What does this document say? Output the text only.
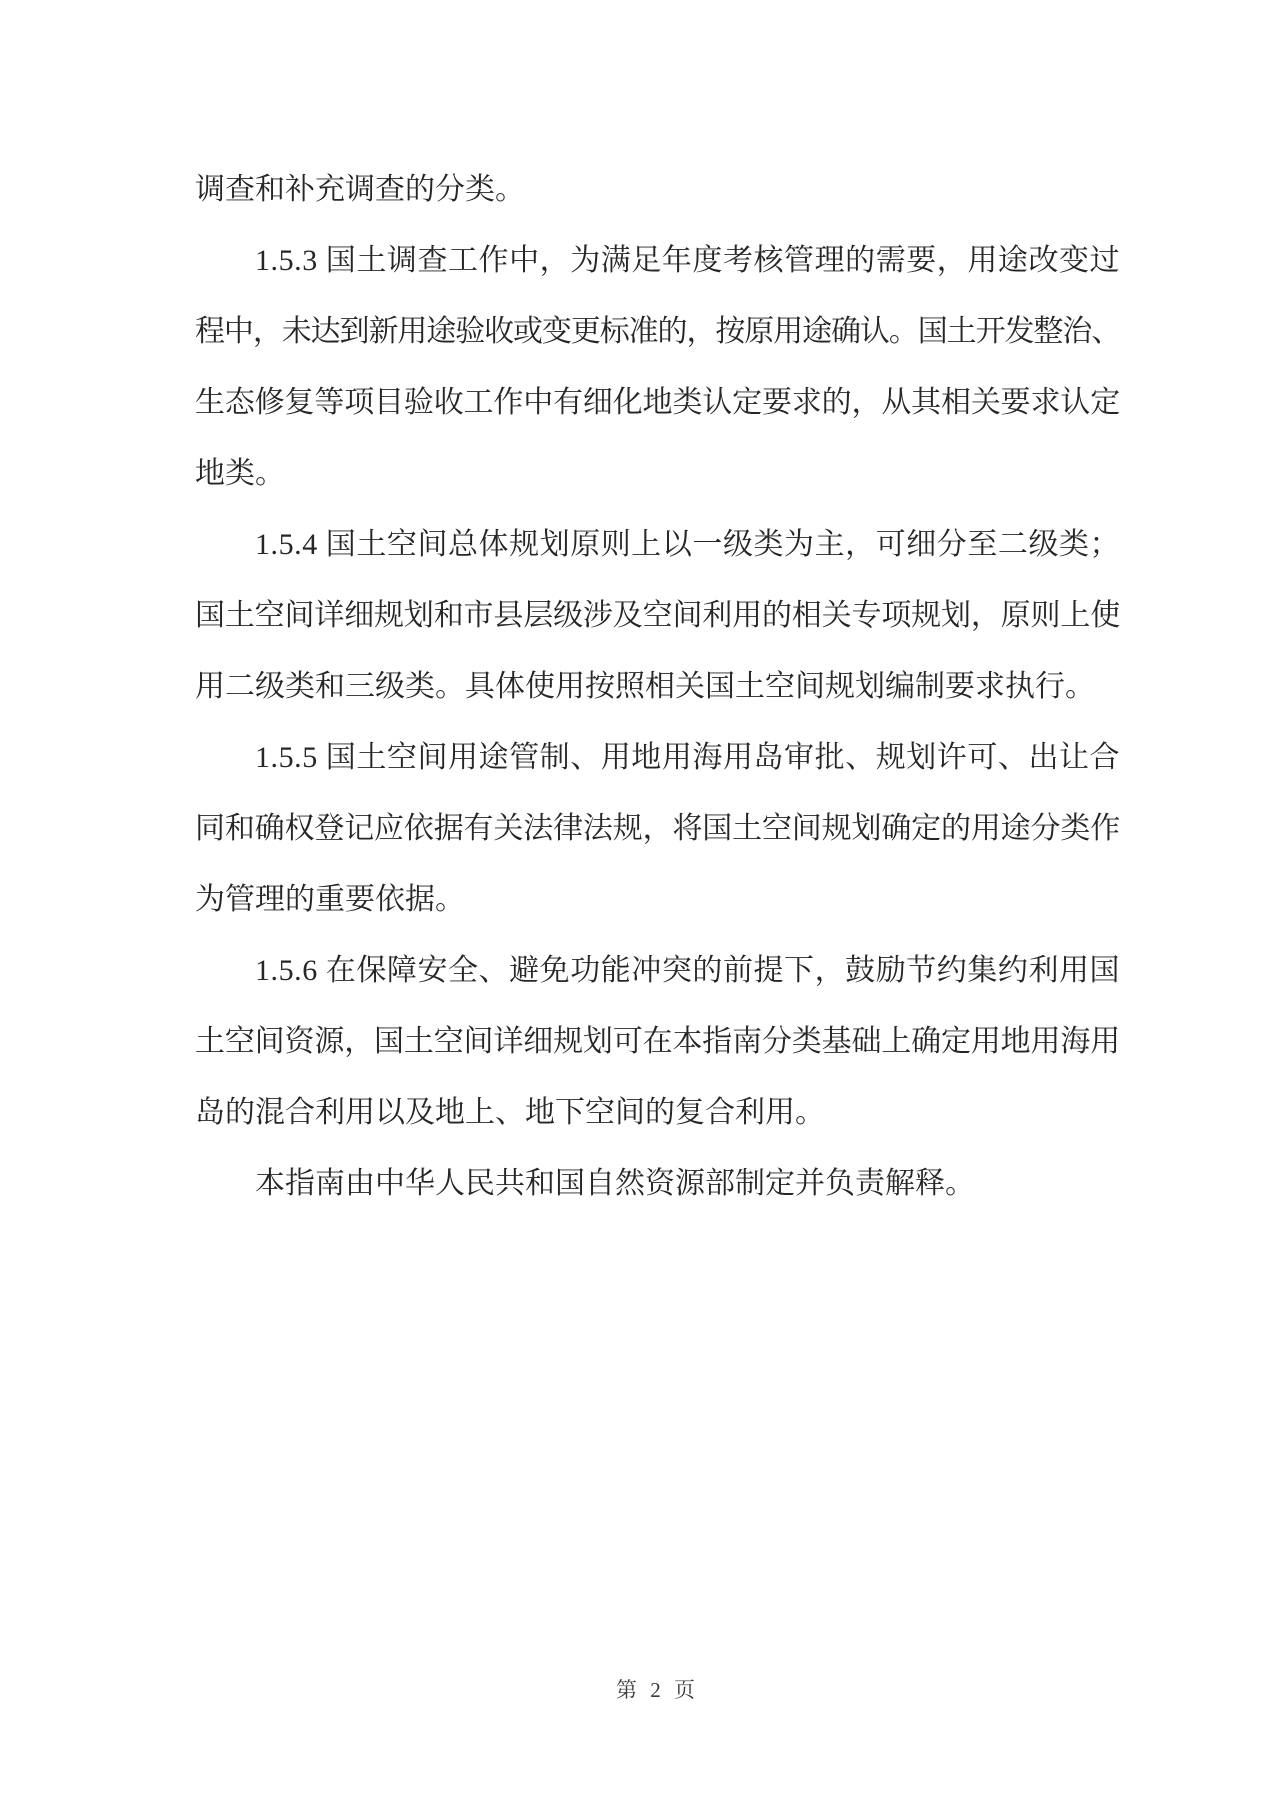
调查和补充调查的分类。
1.5.3 国土调查工作中，为满足年度考核管理的需要，用途改变过
程中，未达到新用途验收或变更标准的，按原用途确认。国土开发整治、
生态修复等项目验收工作中有细化地类认定要求的，从其相关要求认定
地类。
1.5.4 国土空间总体规划原则上以一级类为主，可细分至二级类；
国土空间详细规划和市县层级涉及空间利用的相关专项规划，原则上使
用二级类和三级类。具体使用按照相关国土空间规划编制要求执行。
1.5.5 国土空间用途管制、用地用海用岛审批、规划许可、出让合
同和确权登记应依据有关法律法规，将国土空间规划确定的用途分类作
为管理的重要依据。
1.5.6 在保障安全、避免功能冲突的前提下，鼓励节约集约利用国
土空间资源，国土空间详细规划可在本指南分类基础上确定用地用海用
岛的混合利用以及地上、地下空间的复合利用。
本指南由中华人民共和国自然资源部制定并负责解释。
第 2 页
